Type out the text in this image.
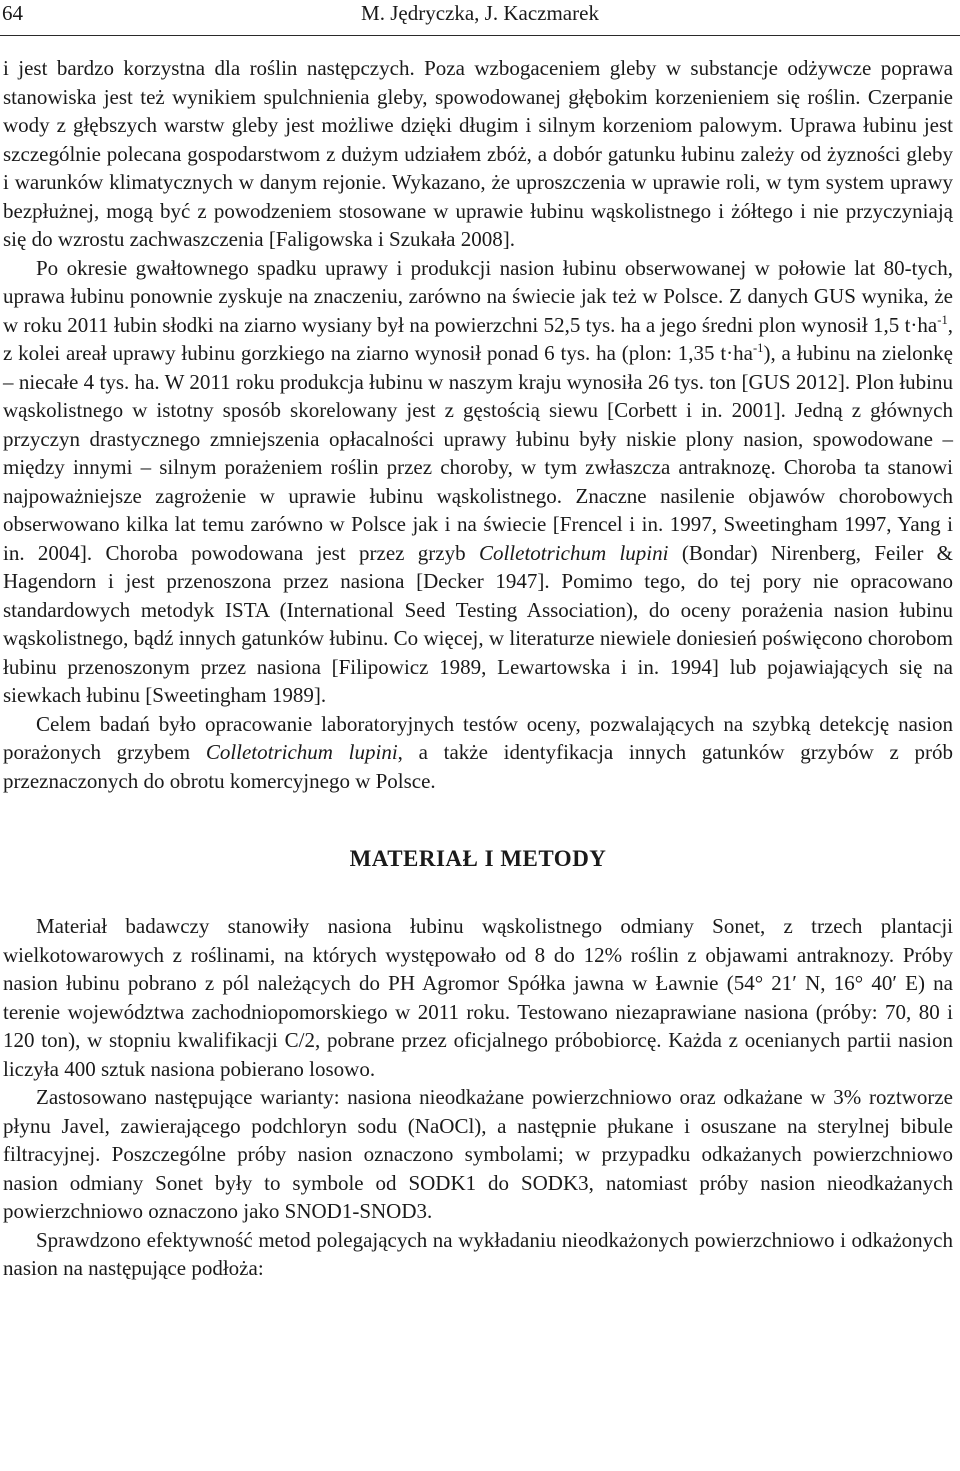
64	M. Jędryczka, J. Kaczmarek

i jest bardzo korzystna dla roślin następczych. Poza wzbogaceniem gleby w substancje odżywcze poprawa stanowiska jest też wynikiem spulchnienia gleby, spowodowanej głębokim korzenieniem się roślin. Czerpanie wody z głębszych warstw gleby jest możliwe dzięki długim i silnym korzeniom palowym. Uprawa łubinu jest szczególnie polecana gospodarstwom z dużym udziałem zbóż, a dobór gatunku łubinu zależy od żyzności gleby i warunków klimatycznych w danym rejonie. Wykazano, że uproszczenia w uprawie roli, w tym system uprawy bezpłużnej, mogą być z powodzeniem stosowane w uprawie łubinu wąskolistnego i żółtego i nie przyczyniają się do wzrostu zachwaszczenia [Faligowska i Szukała 2008].

Po okresie gwałtownego spadku uprawy i produkcji nasion łubinu obserwowanej w połowie lat 80-tych, uprawa łubinu ponownie zyskuje na znaczeniu, zarówno na świecie jak też w Polsce. Z danych GUS wynika, że w roku 2011 łubin słodki na ziarno wysiany był na powierzchni 52,5 tys. ha a jego średni plon wynosił 1,5 $t\cdot ha^{-1}$, z kolei areał uprawy łubinu gorzkiego na ziarno wynosił ponad 6 tys. ha (plon: 1,35 $t\cdot ha^{-1}$), a łubinu na zielonkę – niecałe 4 tys. ha. W 2011 roku produkcja łubinu w naszym kraju wynosiła 26 tys. ton [GUS 2012]. Plon łubinu wąskolistnego w istotny sposób skorelowany jest z gęstością siewu [Corbett i in. 2001]. Jedną z głównych przyczyn drastycznego zmniejszenia opłacalności uprawy łubinu były niskie plony nasion, spowodowane – między innymi – silnym porażeniem roślin przez choroby, w tym zwłaszcza antraknozę. Choroba ta stanowi najpoważniejsze zagrożenie w uprawie łubinu wąskolistnego. Znaczne nasilenie objawów chorobowych obserwowano kilka lat temu zarówno w Polsce jak i na świecie [Frencel i in. 1997, Sweetingham 1997, Yang i in. 2004]. Choroba powodowana jest przez grzyb Colletotrichum lupini (Bondar) Nirenberg, Feiler & Hagendorn i jest przenoszona przez nasiona [Decker 1947]. Pomimo tego, do tej pory nie opracowano standardowych metodyk ISTA (International Seed Testing Association), do oceny porażenia nasion łubinu wąskolistnego, bądź innych gatunków łubinu. Co więcej, w literaturze niewiele doniesień poświęcono chorobom łubinu przenoszonym przez nasiona [Filipowicz 1989, Lewartowska i in. 1994] lub pojawiających się na siewkach łubinu [Sweetingham 1989].

Celem badań było opracowanie laboratoryjnych testów oceny, pozwalających na szybką detekcję nasion porażonych grzybem Colletotrichum lupini, a także identyfikacja innych gatunków grzybów z prób przeznaczonych do obrotu komercyjnego w Polsce.

MATERIAŁ I METODY

Materiał badawczy stanowiły nasiona łubinu wąskolistnego odmiany Sonet, z trzech plantacji wielkotowarowych z roślinami, na których występowało od 8 do 12% roślin z objawami antraknozy. Próby nasion łubinu pobrano z pól należących do PH Agromor Spółka jawna w Ławnie (54° 21′ N, 16° 40′ E) na terenie województwa zachodniopomorskiego w 2011 roku. Testowano niezaprawiane nasiona (próby: 70, 80 i 120 ton), w stopniu kwalifikacji C/2, pobrane przez oficjalnego próbobiorcę. Każda z ocenianych partii nasion liczyła 400 sztuk nasiona pobierano losowo.

Zastosowano następujące warianty: nasiona nieodkażane powierzchniowo oraz odkażane w 3% roztworze płynu Javel, zawierającego podchloryn sodu (NaOCl), a następnie płukane i osuszane na sterylnej bibule filtracyjnej. Poszczególne próby nasion oznaczono symbolami; w przypadku odkażanych powierzchniowo nasion odmiany Sonet były to symbole od SODK1 do SODK3, natomiast próby nasion nieodkażanych powierzchniowo oznaczono jako SNOD1-SNOD3.

Sprawdzono efektywność metod polegających na wykładaniu nieodkażonych powierzchniowo i odkażonych nasion na następujące podłoża:
